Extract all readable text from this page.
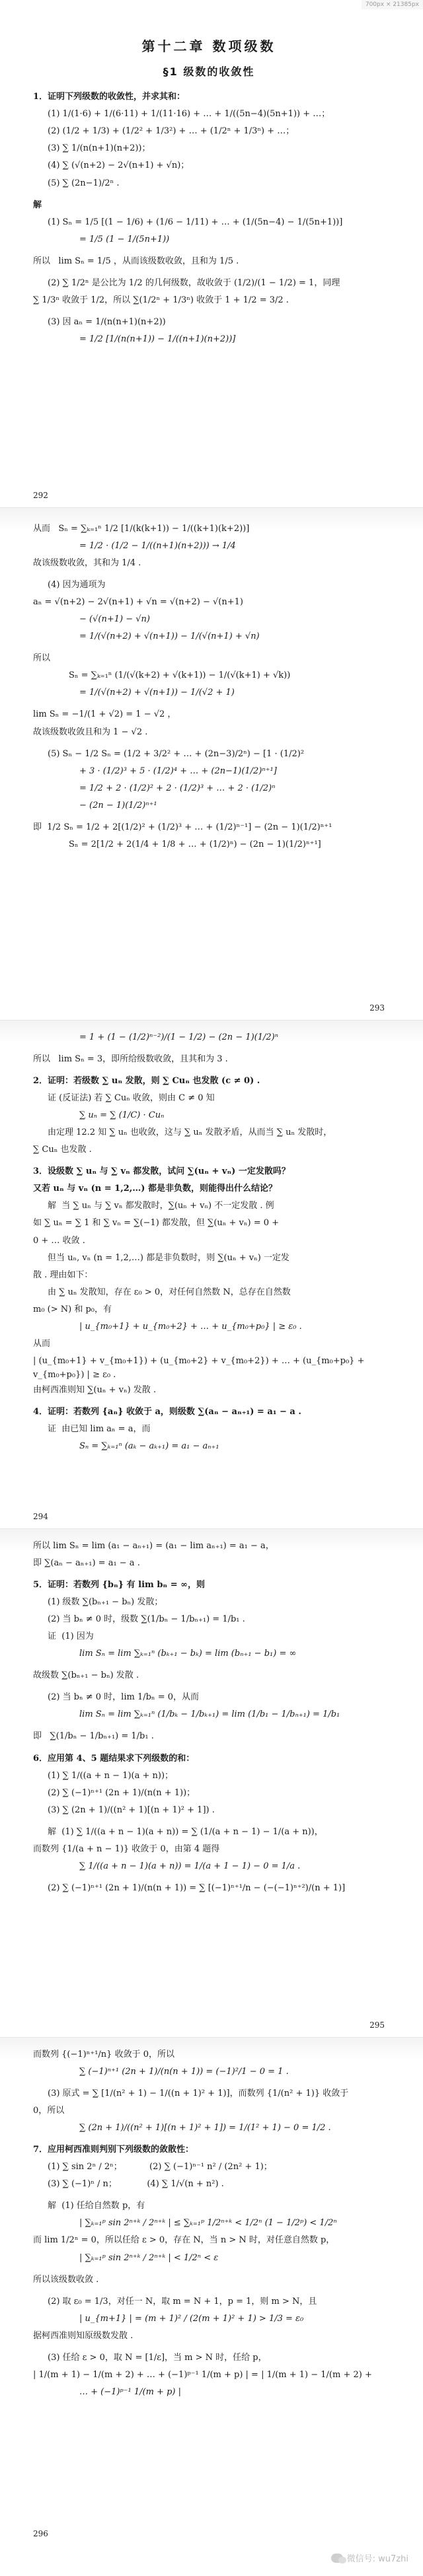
700px × 21385px
第十二章 数项级数
§1 级数的收敛性
1．证明下列级数的收敛性，并求其和：
(1) 1/(1·6) + 1/(6·11) + 1/(11·16) + … + 1/((5n−4)(5n+1)) + …；
(2) (1/2 + 1/3) + (1/2² + 1/3²) + … + (1/2ⁿ + 1/3ⁿ) + …；
(3) ∑ 1/(n(n+1)(n+2))；
(4) ∑ (√(n+2) − 2√(n+1) + √n)；
(5) ∑ (2n−1)/2ⁿ .
解
(1) Sₙ = 1/5 [(1 − 1/6) + (1/6 − 1/11) + … + (1/(5n−4) − 1/(5n+1))]
= 1/5 (1 − 1/(5n+1))
所以   lim Sₙ = 1/5 ，从而该级数收敛，且和为 1/5 .
(2) ∑ 1/2ⁿ 是公比为 1/2 的几何级数，故收敛于 (1/2)/(1 − 1/2) = 1，同理
∑ 1/3ⁿ 收敛于 1/2，所以 ∑(1/2ⁿ + 1/3ⁿ) 收敛于 1 + 1/2 = 3/2 .
(3) 因 aₙ = 1/(n(n+1)(n+2))
= 1/2 [1/(n(n+1)) − 1/((n+1)(n+2))]
292
从而   Sₙ = ∑ₖ₌₁ⁿ 1/2 [1/(k(k+1)) − 1/((k+1)(k+2))]
= 1/2 · (1/2 − 1/((n+1)(n+2))) → 1/4
故该级数收敛，其和为 1/4 .
(4) 因为通项为
aₙ = √(n+2) − 2√(n+1) + √n = √(n+2) − √(n+1)
− (√(n+1) − √n)
= 1/(√(n+2) + √(n+1)) − 1/(√(n+1) + √n)
所以
Sₙ = ∑ₖ₌₁ⁿ (1/(√(k+2) + √(k+1)) − 1/(√(k+1) + √k))
= 1/(√(n+2) + √(n+1)) − 1/(√2 + 1)
lim Sₙ = −1/(1 + √2) = 1 − √2 ，
故该级数收敛且和为 1 − √2 .
(5) Sₙ − 1/2 Sₙ = (1/2 + 3/2² + … + (2n−3)/2ⁿ) − [1 · (1/2)²
+ 3 · (1/2)³ + 5 · (1/2)⁴ + … + (2n−1)(1/2)ⁿ⁺¹]
= 1/2 + 2 · (1/2)² + 2 · (1/2)³ + … + 2 · (1/2)ⁿ
− (2n − 1)(1/2)ⁿ⁺¹
即  1/2 Sₙ = 1/2 + 2[(1/2)² + (1/2)³ + … + (1/2)ⁿ⁻¹] − (2n − 1)(1/2)ⁿ⁺¹
Sₙ = 2[1/2 + 2(1/4 + 1/8 + … + (1/2)ⁿ) − (2n − 1)(1/2)ⁿ⁺¹]
293
= 1 + (1 − (1/2)ⁿ⁻²)/(1 − 1/2) − (2n − 1)(1/2)ⁿ
所以   lim Sₙ = 3，即所给级数收敛，且其和为 3 .
2．证明：若级数 ∑ uₙ 发散，则 ∑ Cuₙ 也发散 (c ≠ 0) .
证 (反证法) 若 ∑ Cuₙ 收敛，则由 C ≠ 0 知
∑ uₙ = ∑ (1/C) · Cuₙ
由定理 12.2 知 ∑ uₙ 也收敛，这与 ∑ uₙ 发散矛盾，从而当 ∑ uₙ 发散时，
∑ Cuₙ 也发散 .
3．设级数 ∑ uₙ 与 ∑ vₙ 都发散，试问 ∑(uₙ + vₙ) 一定发散吗？
又若 uₙ 与 vₙ (n = 1,2,…) 都是非负数，则能得出什么结论？
解  当 ∑ uₙ 与 ∑ vₙ 都发散时，∑(uₙ + vₙ) 不一定发散 . 例
如 ∑ uₙ = ∑ 1 和 ∑ vₙ = ∑(−1) 都发散，但 ∑(uₙ + vₙ) = 0 +
0 + … 收敛 .
但当 uₙ, vₙ (n = 1,2,…) 都是非负数时，则 ∑(uₙ + vₙ) 一定发
散 . 理由如下：
由 ∑ uₙ 发散知，存在 ε₀ > 0，对任何自然数 N，总存在自然数
m₀ (> N) 和 p₀，有
| u_{m₀+1} + u_{m₀+2} + … + u_{m₀+p₀} | ≥ ε₀ .
从而
| (u_{m₀+1} + v_{m₀+1}) + (u_{m₀+2} + v_{m₀+2}) + … + (u_{m₀+p₀} + v_{m₀+p₀}) | ≥ ε₀ .
由柯西准则知 ∑(uₙ + vₙ) 发散 .
4．证明：若数列 {aₙ} 收敛于 a，则级数 ∑(aₙ − aₙ₊₁) = a₁ − a .
证  由已知 lim aₙ = a，而
Sₙ = ∑ₖ₌₁ⁿ (aₖ − aₖ₊₁) = a₁ − aₙ₊₁
294
所以 lim Sₙ = lim (a₁ − aₙ₊₁) = (a₁ − lim aₙ₊₁) = a₁ − a，
即 ∑(aₙ − aₙ₊₁) = a₁ − a .
5．证明：若数列 {bₙ} 有 lim bₙ = ∞，则
(1) 级数 ∑(bₙ₊₁ − bₙ) 发散；
(2) 当 bₙ ≠ 0 时，级数 ∑(1/bₙ − 1/bₙ₊₁) = 1/b₁ .
证  (1) 因为
lim Sₙ = lim ∑ₖ₌₁ⁿ (bₖ₊₁ − bₖ) = lim (bₙ₊₁ − b₁) = ∞
故级数 ∑(bₙ₊₁ − bₙ) 发散 .
(2) 当 bₙ ≠ 0 时，lim 1/bₙ = 0，从而
lim Sₙ = lim ∑ₖ₌₁ⁿ (1/bₖ − 1/bₖ₊₁) = lim (1/b₁ − 1/bₙ₊₁) = 1/b₁
即   ∑(1/bₙ − 1/bₙ₊₁) = 1/b₁ .
6．应用第 4、5 题结果求下列级数的和：
(1) ∑ 1/((a + n − 1)(a + n))；
(2) ∑ (−1)ⁿ⁺¹ (2n + 1)/(n(n + 1))；
(3) ∑ (2n + 1)/((n² + 1)[(n + 1)² + 1]) .
解  (1) ∑ 1/((a + n − 1)(a + n)) = ∑ (1/(a + n − 1) − 1/(a + n))，
而数列 {1/(a + n − 1)} 收敛于 0，由第 4 题得
∑ 1/((a + n − 1)(a + n)) = 1/(a + 1 − 1) − 0 = 1/a .
(2) ∑ (−1)ⁿ⁺¹ (2n + 1)/(n(n + 1)) = ∑ [(−1)ⁿ⁺¹/n − (−(−1)ⁿ⁺²)/(n + 1)]
295
而数列 {(−1)ⁿ⁺¹/n} 收敛于 0，所以
∑ (−1)ⁿ⁺¹ (2n + 1)/(n(n + 1)) = (−1)²/1 − 0 = 1 .
(3) 原式 = ∑ [1/(n² + 1) − 1/((n + 1)² + 1)]，而数列 {1/(n² + 1)} 收敛于
0，所以
∑ (2n + 1)/((n² + 1)[(n + 1)² + 1]) = 1/(1² + 1) − 0 = 1/2 .
7．应用柯西准则判别下列级数的敛散性：
(1) ∑ sin 2ⁿ / 2ⁿ；          (2) ∑ (−1)ⁿ⁻¹ n² / (2n² + 1)；
(3) ∑ (−1)ⁿ / n；           (4) ∑ 1/√(n + n²) .
解  (1) 任给自然数 p，有
| ∑ₖ₌₁ᵖ sin 2ⁿ⁺ᵏ / 2ⁿ⁺ᵏ | ≤ ∑ₖ₌₁ᵖ 1/2ⁿ⁺ᵏ < 1/2ⁿ (1 − 1/2ᵖ) < 1/2ⁿ
而 lim 1/2ⁿ = 0，所以任给 ε > 0，存在 N，当 n > N 时，对任意自然数 p，
| ∑ₖ₌₁ᵖ sin 2ⁿ⁺ᵏ / 2ⁿ⁺ᵏ | < 1/2ⁿ < ε
所以该级数收敛 .
(2) 取 ε₀ = 1/3，对任一 N，取 m = N + 1，p = 1，则 m > N，且
| u_{m+1} | = (m + 1)² / (2(m + 1)² + 1) > 1/3 = ε₀
据柯西准则知原级数发散 .
(3) 任给 ε > 0，取 N = [1/ε]，当 m > N 时，任给 p，
| 1/(m + 1) − 1/(m + 2) + … + (−1)ᵖ⁻¹ 1/(m + p) | = | 1/(m + 1) − 1/(m + 2) +
… + (−1)ᵖ⁻¹ 1/(m + p) |
296
微信号: wu7zhi
